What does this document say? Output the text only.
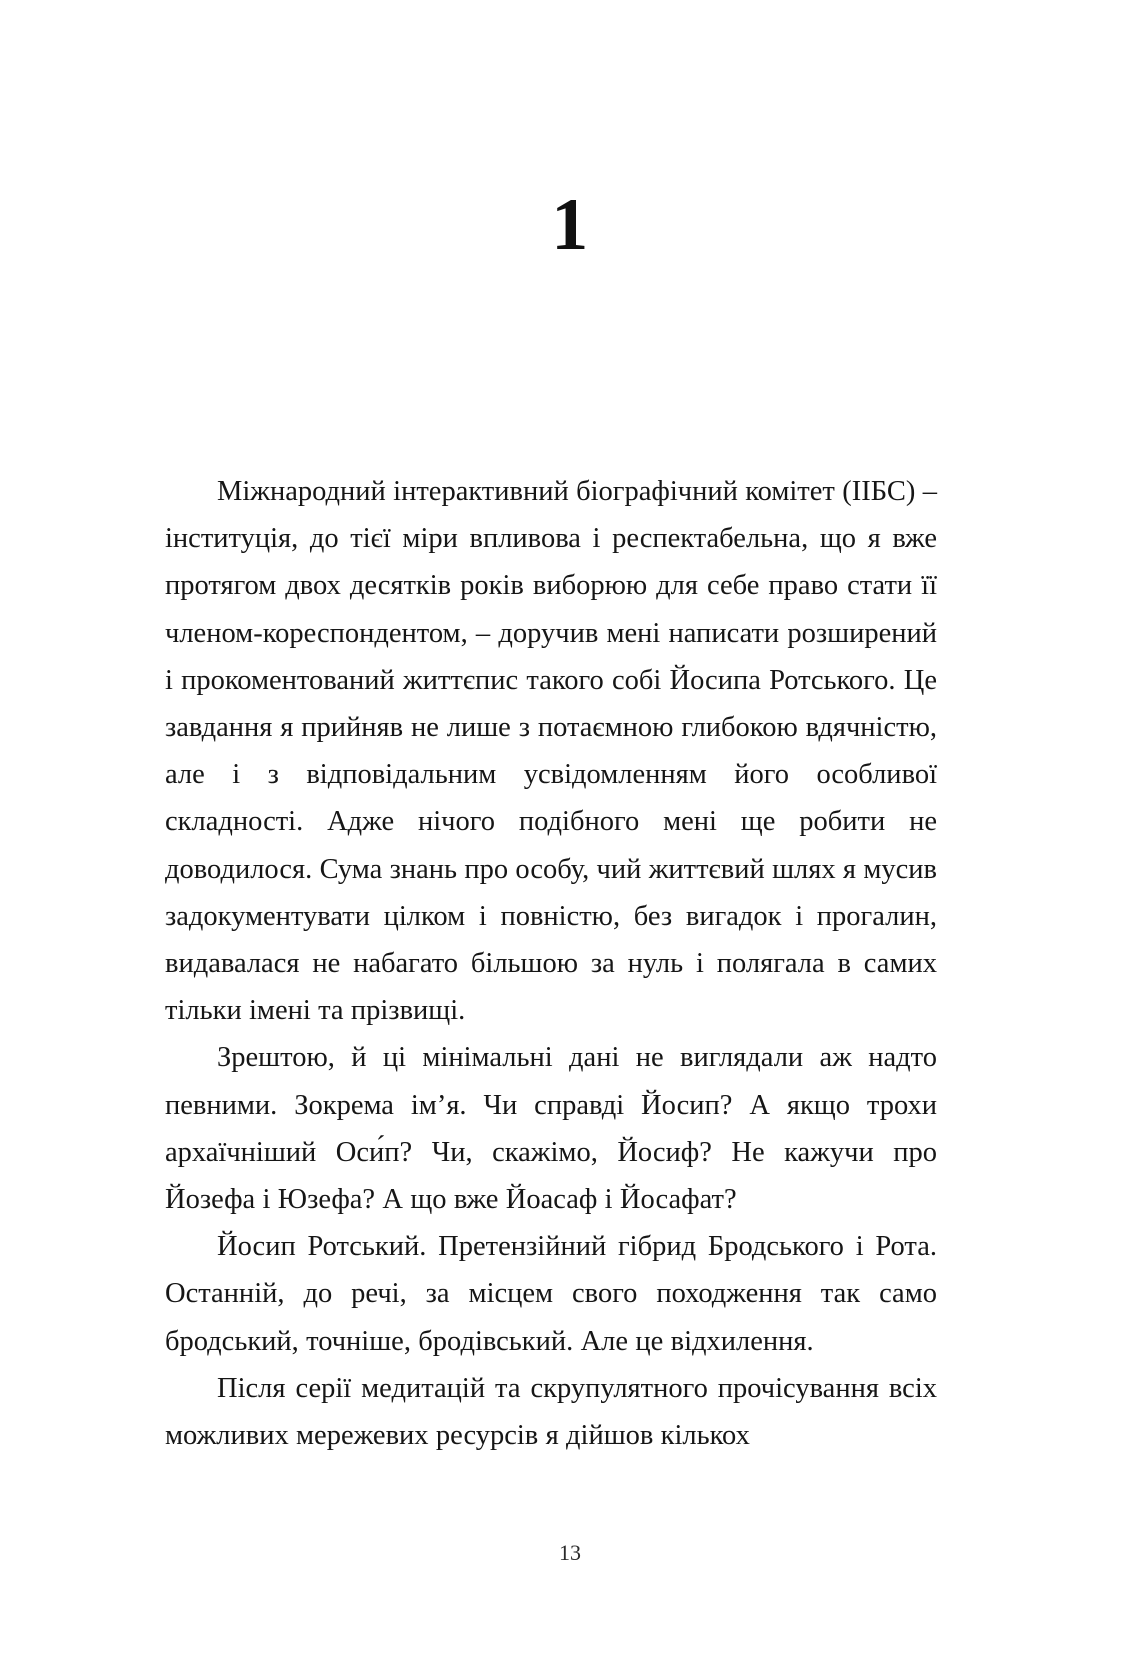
1

Міжнародний інтерактивний біографічний комітет (ІІБС) – інституція, до тієї міри впливова і респектабельна, що я вже протягом двох десятків років виборюю для себе право стати її членом-кореспондентом, – доручив мені написати розширений і прокоментований життєпис такого собі Йосипа Ротського. Це завдання я прийняв не лише з потаємною глибокою вдячністю, але і з відповідальним усвідомленням його особливої складності. Адже нічого подібного мені ще робити не доводилося. Сума знань про особу, чий життєвий шлях я мусив задокументувати цілком і повністю, без вигадок і прогалин, видавалася не набагато більшою за нуль і полягала в самих тільки імені та прізвищі.

Зрештою, й ці мінімальні дані не виглядали аж надто певними. Зокрема ім’я. Чи справді Йосип? А якщо трохи архаїчніший Оси́п? Чи, скажімо, Йосиф? Не кажучи про Йозефа і Юзефа? А що вже Йоасаф і Йосафат?

Йосип Ротський. Претензійний гібрид Бродського і Рота. Останній, до речі, за місцем свого походження так само бродський, точніше, бродівський. Але це відхилення.

Після серії медитацій та скрупулятного прочісування всіх можливих мережевих ресурсів я дійшов кількох

13
